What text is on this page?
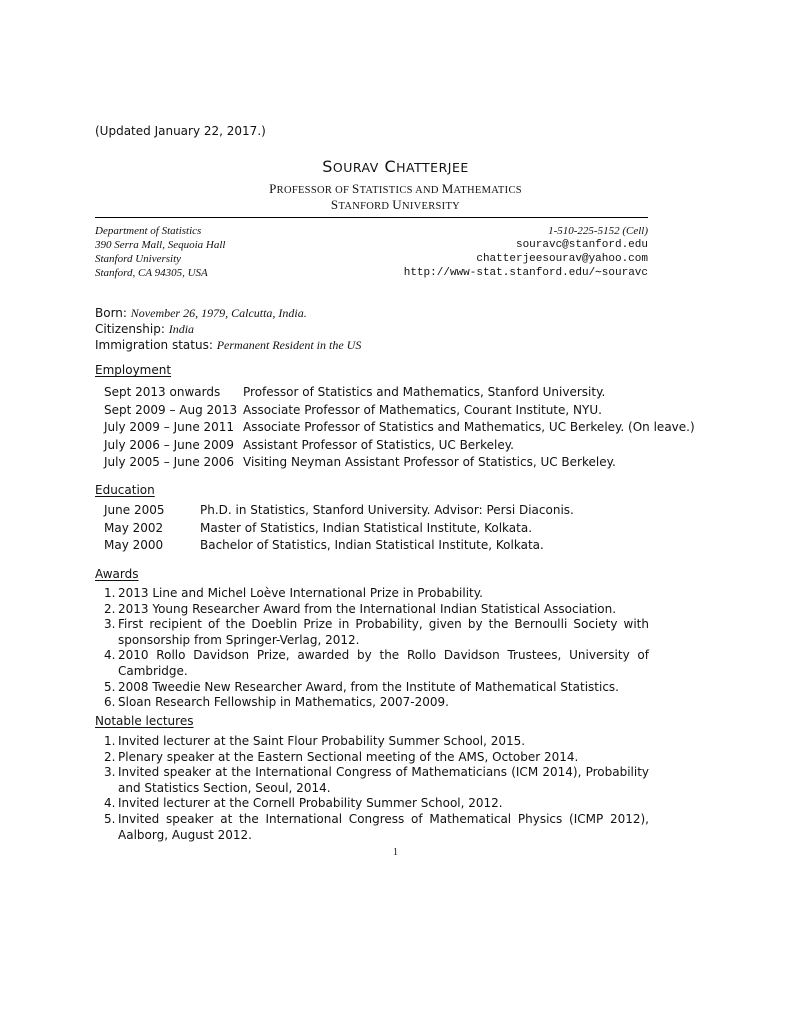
(Updated January 22, 2017.)
SOURAV CHATTERJEE
PROFESSOR OF STATISTICS AND MATHEMATICS
STANFORD UNIVERSITY
Department of Statistics
390 Serra Mall, Sequoia Hall
Stanford University
Stanford, CA 94305, USA
1-510-225-5152 (Cell)
souravc@stanford.edu
chatterjeesourav@yahoo.com
http://www-stat.stanford.edu/∼souravc
Born: November 26, 1979, Calcutta, India.
Citizenship: India
Immigration status: Permanent Resident in the US
Employment
Sept 2013 onwards	Professor of Statistics and Mathematics, Stanford University.
Sept 2009 – Aug 2013 Associate Professor of Mathematics, Courant Institute, NYU.
July 2009 – June 2011 Associate Professor of Statistics and Mathematics, UC Berkeley. (On leave.)
July 2006 – June 2009 Assistant Professor of Statistics, UC Berkeley.
July 2005 – June 2006 Visiting Neyman Assistant Professor of Statistics, UC Berkeley.
Education
June 2005	Ph.D. in Statistics, Stanford University. Advisor: Persi Diaconis.
May 2002	Master of Statistics, Indian Statistical Institute, Kolkata.
May 2000	Bachelor of Statistics, Indian Statistical Institute, Kolkata.
Awards
1. 2013 Line and Michel Loève International Prize in Probability.
2. 2013 Young Researcher Award from the International Indian Statistical Association.
3. First recipient of the Doeblin Prize in Probability, given by the Bernoulli Society with sponsorship from Springer-Verlag, 2012.
4. 2010 Rollo Davidson Prize, awarded by the Rollo Davidson Trustees, University of Cambridge.
5. 2008 Tweedie New Researcher Award, from the Institute of Mathematical Statistics.
6. Sloan Research Fellowship in Mathematics, 2007-2009.
Notable lectures
1. Invited lecturer at the Saint Flour Probability Summer School, 2015.
2. Plenary speaker at the Eastern Sectional meeting of the AMS, October 2014.
3. Invited speaker at the International Congress of Mathematicians (ICM 2014), Probability and Statistics Section, Seoul, 2014.
4. Invited lecturer at the Cornell Probability Summer School, 2012.
5. Invited speaker at the International Congress of Mathematical Physics (ICMP 2012), Aalborg, August 2012.
1
